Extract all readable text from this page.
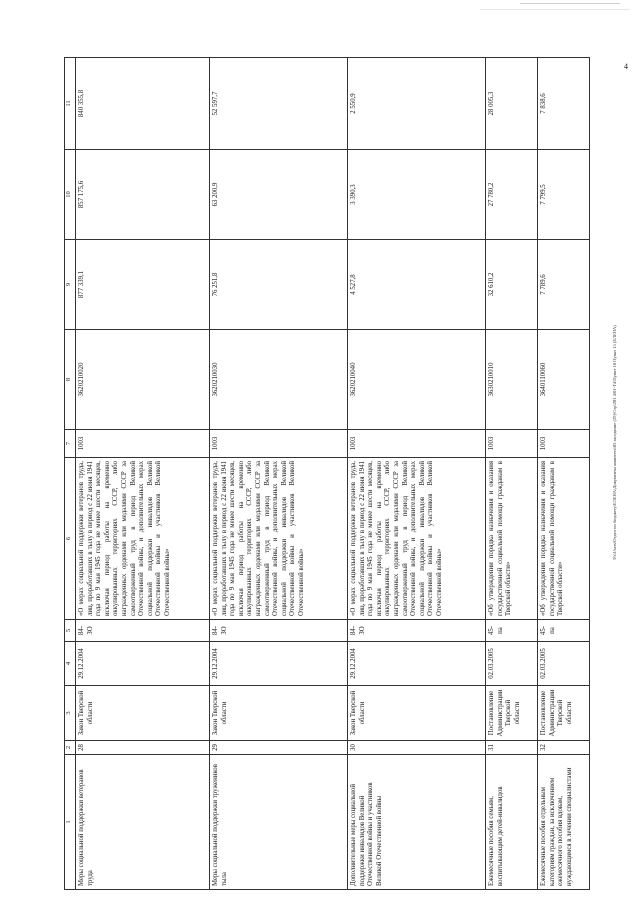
4
1	2	3	4	5	6	7	8	9	10	11
Меры социальной поддержки ветеранов труда	28	Закон Тверской области	29.12.2004	84-ЗО	«О мерах социальной поддержки ветеранов труда, лиц, проработавших в тылу в период с 22 июня 1941 года по 9 мая 1945 года не менее шести месяцев, исключая период работы на временно оккупированных территориях СССР, либо награжденных орденами или медалями СССР за самоотверженный труд в период Великой Отечественной войны, и дополнительных мерах социальной поддержки инвалидов Великой Отечественной войны и участников Великой Отечественной войны»	1003	3620210020	877 339,1	857 175,6	840 355,8
Меры социальной поддержки тружеников тыла	29	Закон Тверской области	29.12.2004	84-ЗО	«О мерах социальной поддержки ветеранов труда, лиц, проработавших в тылу в период с 22 июня 1941 года по 9 мая 1945 года не менее шести месяцев, исключая период работы на временно оккупированных территориях СССР, либо награжденных орденами или медалями СССР за самоотверженный труд в период Великой Отечественной войны, и дополнительных мерах социальной поддержки инвалидов Великой Отечественной войны и участников Великой Отечественной войны»	1003	3620210030	76 251,8	63 200,9	52 597,7
Дополнительные меры социальной поддержки инвалидов Великой Отечественной войны и участников Великой Отечественной войны	30	Закон Тверской области	29.12.2004	84-ЗО	«О мерах социальной поддержки ветеранов труда, лиц, проработавших в тылу в период с 22 июня 1941 года по 9 мая 1945 года не менее шести месяцев, исключая период работы на временно оккупированных территориях СССР, либо награжденных орденами или медалями СССР за самоотверженный труд в период Великой Отечественной войны, и дополнительных мерах социальной поддержки инвалидов Великой Отечественной войны и участников Великой Отечественной войны»	1003	3620210040	4 527,8	3 390,3	2 550,9
Ежемесячные пособия семьям, воспитывающим детей-инвалидов	31	Постановление Администрации Тверской области	02.03.2005	45-па	«Об утверждении порядка назначения и оказания государственной социальной помощи гражданам в Тверской области»	1003	3630210010	32 610,2	27 780,2	28 005,3
Ежемесячные пособия отдельным категориям граждан, за исключением ежемесячного пособия вдовам, нуждающимся в лечении специалистами	32	Постановление Администрации Тверской области	02.03.2005	45-па	«Об утверждении порядка назначения и оказания государственной социальной помощи гражданам в Тверской области»	1003	3640110060	7 789,6	7 799,5	7 838,6
\Fs\Users\Отдел по бюджету\ЕЛЕНА\Документы комитета\03 заседание (29)\Стр\201 4\01-Т4\Пункт 10 Пункт 15 (ЕЛЕНА)
